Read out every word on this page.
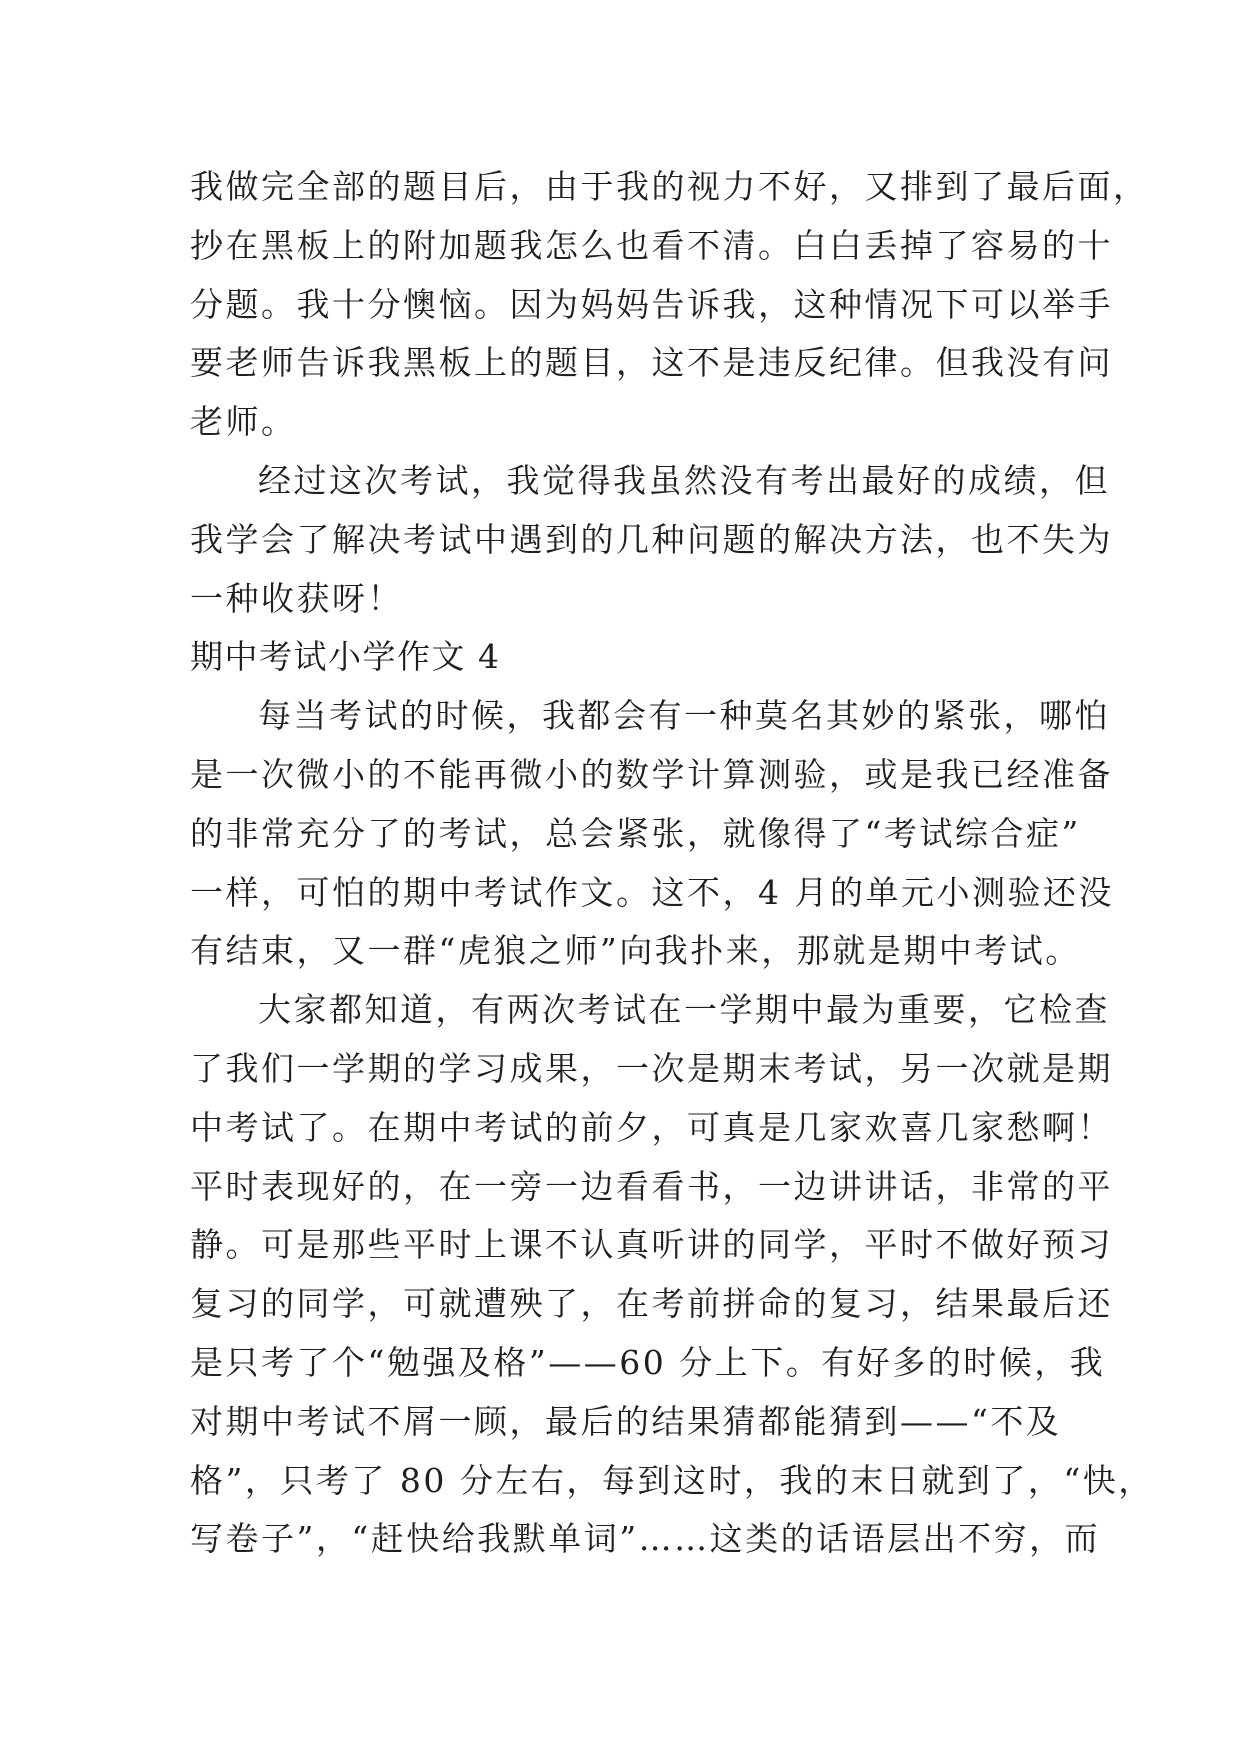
我做完全部的题目后，由于我的视力不好，又排到了最后面，
抄在黑板上的附加题我怎么也看不清。白白丢掉了容易的十
分题。我十分懊恼。因为妈妈告诉我，这种情况下可以举手
要老师告诉我黑板上的题目，这不是违反纪律。但我没有问
老师。
经过这次考试，我觉得我虽然没有考出最好的成绩，但
我学会了解决考试中遇到的几种问题的解决方法，也不失为
一种收获呀！
期中考试小学作文 4
每当考试的时候，我都会有一种莫名其妙的紧张，哪怕
是一次微小的不能再微小的数学计算测验，或是我已经准备
的非常充分了的考试，总会紧张，就像得了“考试综合症”
一样，可怕的期中考试作文。这不，4 月的单元小测验还没
有结束，又一群“虎狼之师”向我扑来，那就是期中考试。
大家都知道，有两次考试在一学期中最为重要，它检查
了我们一学期的学习成果，一次是期末考试，另一次就是期
中考试了。在期中考试的前夕，可真是几家欢喜几家愁啊！
平时表现好的，在一旁一边看看书，一边讲讲话，非常的平
静。可是那些平时上课不认真听讲的同学，平时不做好预习
复习的同学，可就遭殃了，在考前拼命的复习，结果最后还
是只考了个“勉强及格”——60 分上下。有好多的时候，我
对期中考试不屑一顾，最后的结果猜都能猜到——“不及
格”，只考了 80 分左右，每到这时，我的末日就到了，“快，
写卷子”，“赶快给我默单词”……这类的话语层出不穷，而
